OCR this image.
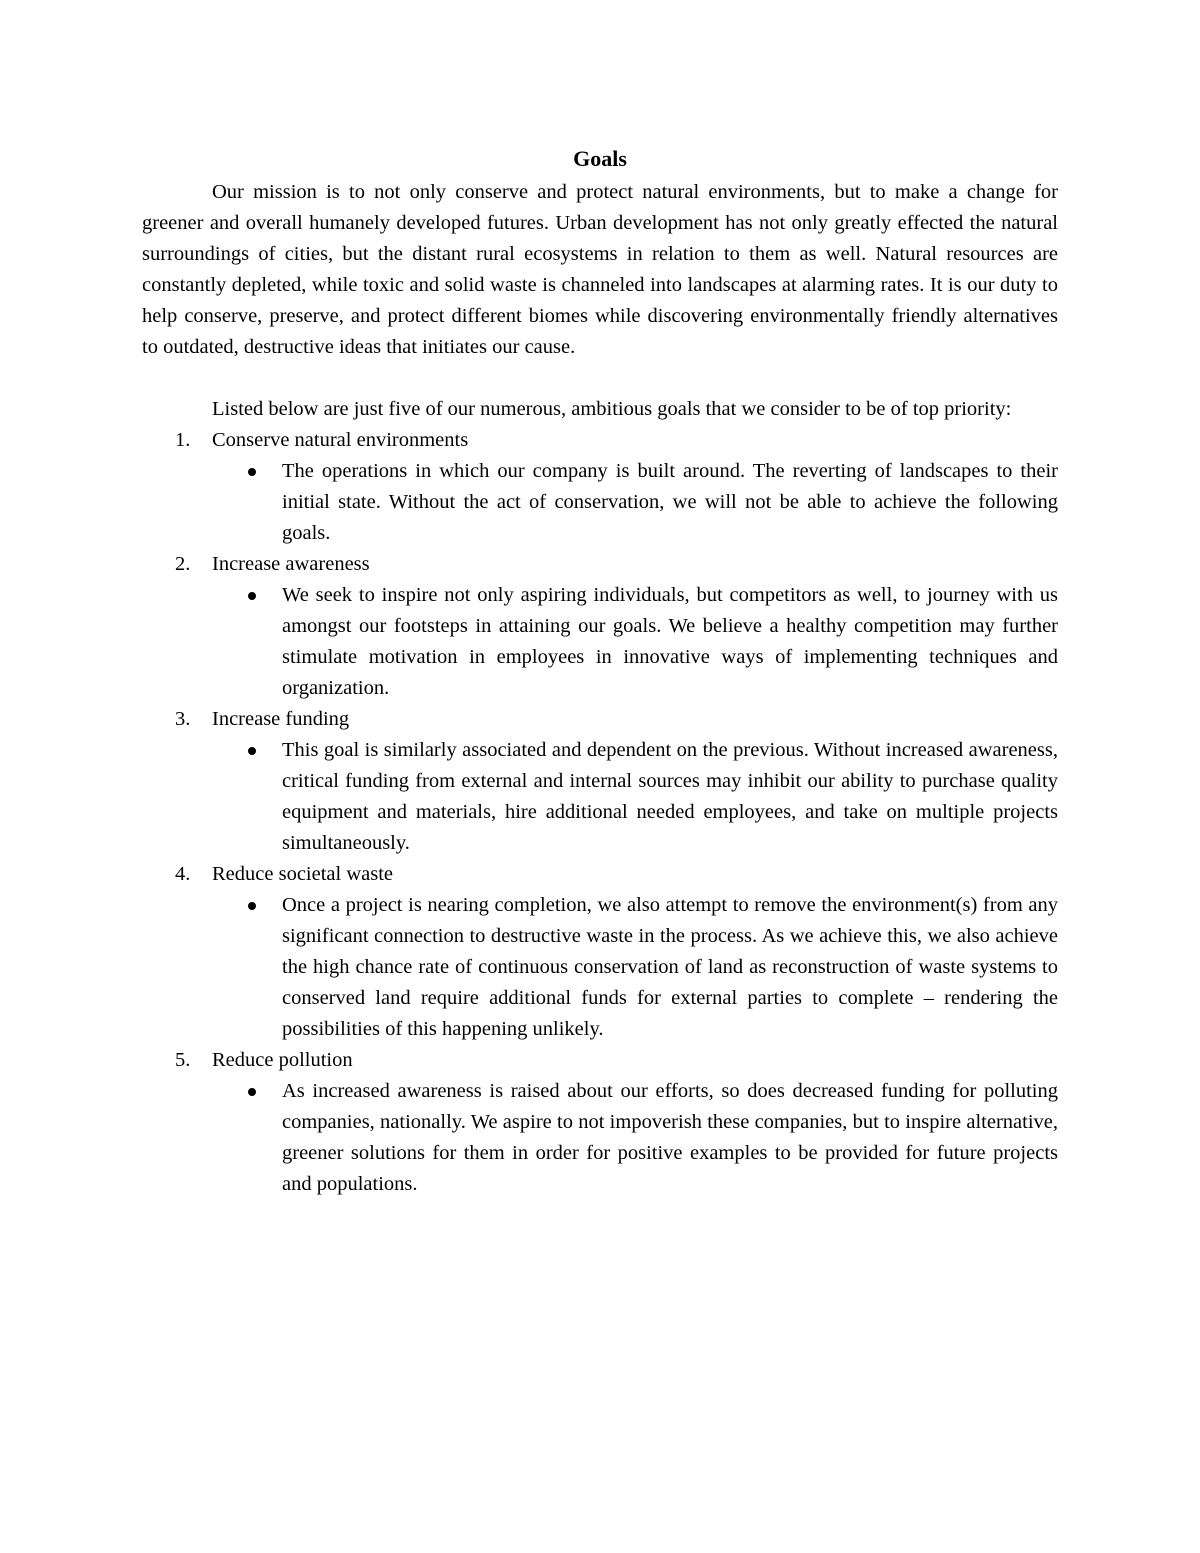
Goals

Our mission is to not only conserve and protect natural environments, but to make a change for greener and overall humanely developed futures. Urban development has not only greatly effected the natural surroundings of cities, but the distant rural ecosystems in relation to them as well. Natural resources are constantly depleted, while toxic and solid waste is channeled into landscapes at alarming rates. It is our duty to help conserve, preserve, and protect different biomes while discovering environmentally friendly alternatives to outdated, destructive ideas that initiates our cause.

Listed below are just five of our numerous, ambitious goals that we consider to be of top priority:

1. Conserve natural environments
The operations in which our company is built around. The reverting of landscapes to their initial state. Without the act of conservation, we will not be able to achieve the following goals.
2. Increase awareness
We seek to inspire not only aspiring individuals, but competitors as well, to journey with us amongst our footsteps in attaining our goals. We believe a healthy competition may further stimulate motivation in employees in innovative ways of implementing techniques and organization.
3. Increase funding
This goal is similarly associated and dependent on the previous. Without increased awareness, critical funding from external and internal sources may inhibit our ability to purchase quality equipment and materials, hire additional needed employees, and take on multiple projects simultaneously.
4. Reduce societal waste
Once a project is nearing completion, we also attempt to remove the environment(s) from any significant connection to destructive waste in the process. As we achieve this, we also achieve the high chance rate of continuous conservation of land as reconstruction of waste systems to conserved land require additional funds for external parties to complete – rendering the possibilities of this happening unlikely.
5. Reduce pollution
As increased awareness is raised about our efforts, so does decreased funding for polluting companies, nationally. We aspire to not impoverish these companies, but to inspire alternative, greener solutions for them in order for positive examples to be provided for future projects and populations.
